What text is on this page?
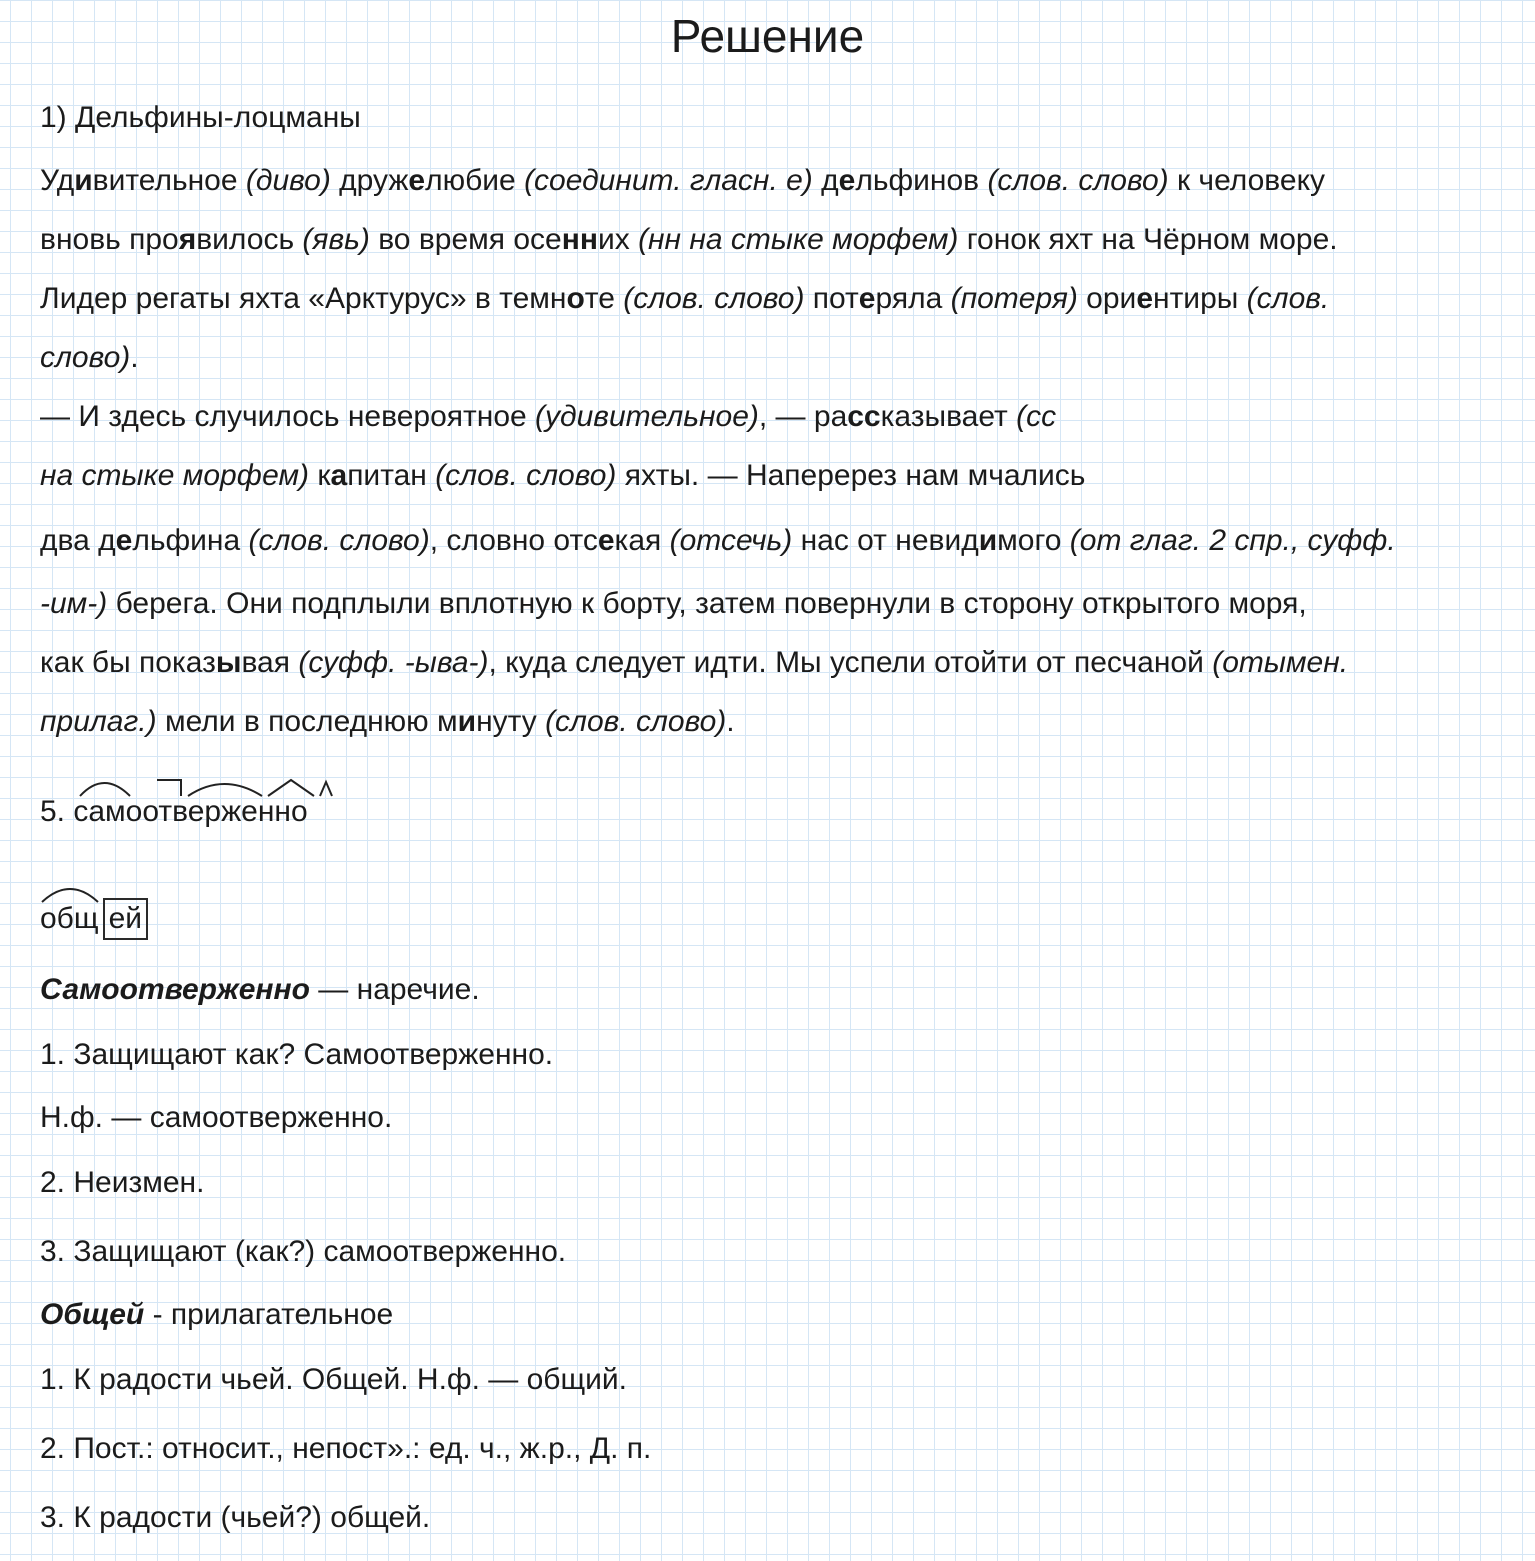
Решение
1) Дельфины-лоцманы
Удивительное (диво) дружелюбие (соединит. гласн. е) дельфинов (слов. слово) к человеку
вновь проявилось (явь) во время осенних (нн на стыке морфем) гонок яхт на Чёрном море.
Лидер регаты яхта «Арктурус» в темноте (слов. слово) потеряла (потеря) ориентиры (слов.
слово).
— И здесь случилось невероятное (удивительное), — рассказывает (сс
на стыке морфем) капитан (слов. слово) яхты. — Наперерез нам мчались
два дельфина (слов. слово), словно отсекая (отсечь) нас от невидимого (от глаг. 2 спр., суфф.
-им-) берега. Они подплыли вплотную к борту, затем повернули в сторону открытого моря,
как бы показывая (суфф. -ыва-), куда следует идти. Мы успели отойти от песчаной (отымен.
прилаг.) мели в последнюю минуту (слов. слово).
5. самоотверженно
общ ей
Самоотверженно — наречие.
1. Защищают как? Самоотверженно.
Н.ф. — самоотверженно.
2. Неизмен.
3. Защищают (как?) самоотверженно.
Общей - прилагательное
1. К радости чьей. Общей. Н.ф. — общий.
2. Пост.: относит., непост».: ед. ч., ж.р., Д. п.
3. К радости (чьей?) общей.
